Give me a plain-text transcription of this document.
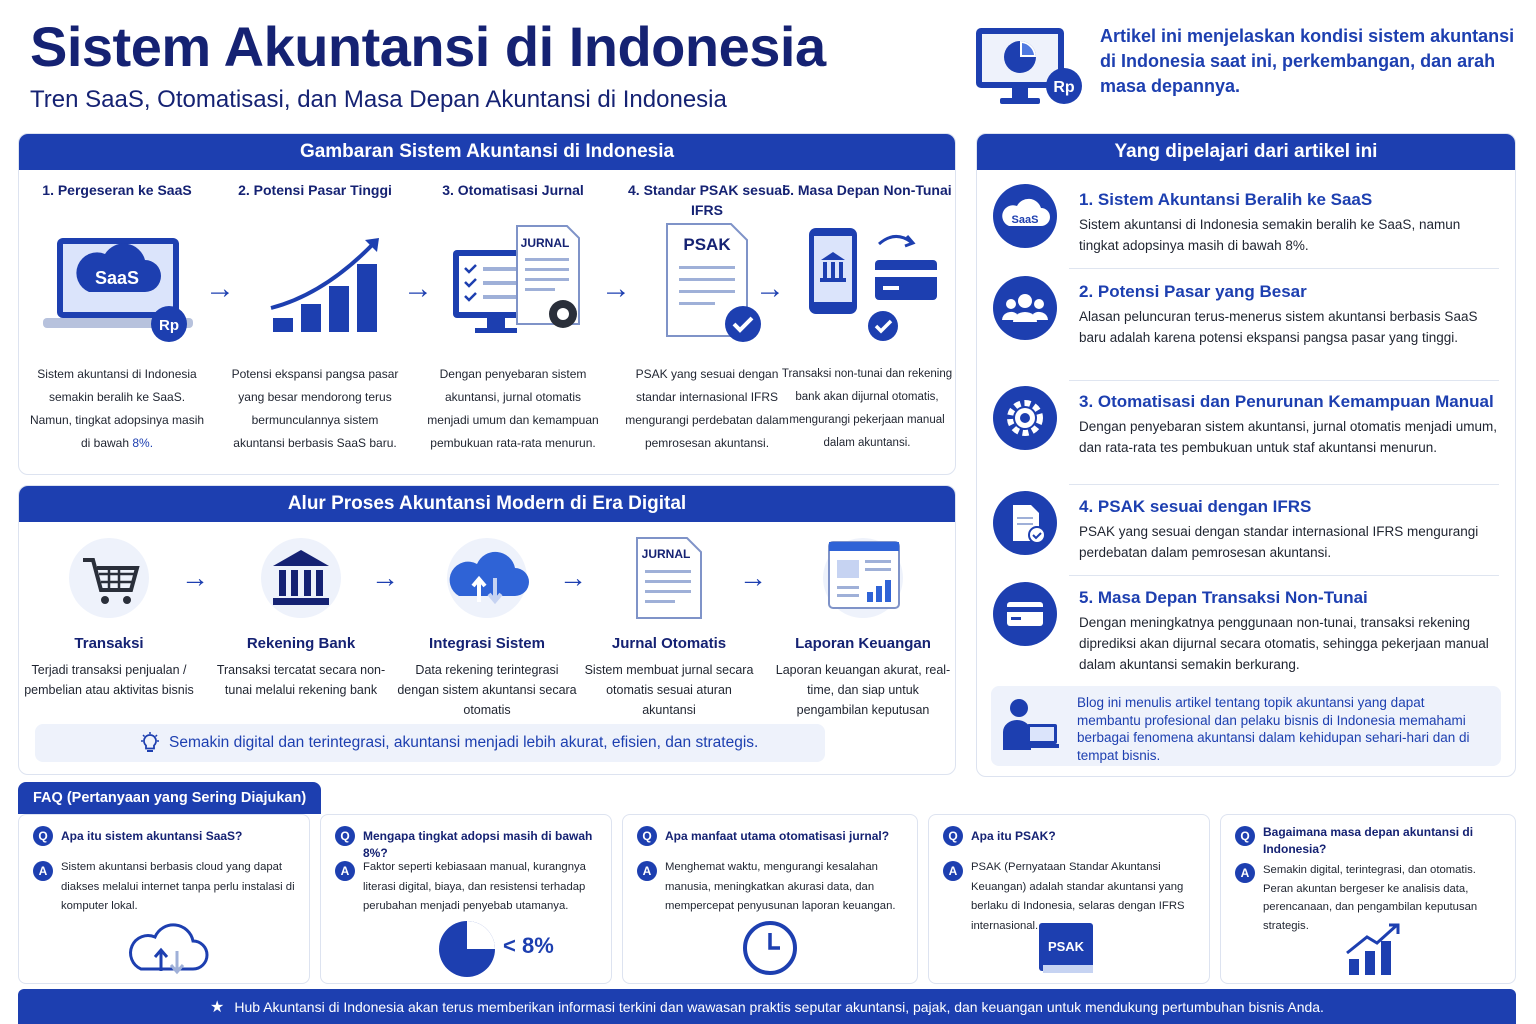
Sistem Akuntansi di Indonesia
Tren SaaS, Otomatisasi, dan Masa Depan Akuntansi di Indonesia	Rp
Artikel ini menjelaskan kondisi sistem akuntansi di Indonesia saat ini, perkembangan, dan arah masa depannya.
Gambaran Sistem Akuntansi di Indonesia
1. Pergeseran ke SaaS
SaaS
Rp
Sistem akuntansi di Indonesia semakin beralih ke SaaS. Namun, tingkat adopsinya masih di bawah 8%.
→
2. Potensi Pasar Tinggi
Potensi ekspansi pangsa pasar yang besar mendorong terus bermunculannya sistem akuntansi berbasis SaaS baru.
→
3. Otomatisasi Jurnal
JURNAL
Dengan penyebaran sistem akuntansi, jurnal otomatis menjadi umum dan kemampuan pembukuan rata-rata menurun.
→
4. Standar PSAK sesuai IFRS
PSAK
PSAK yang sesuai dengan standar internasional IFRS mengurangi perdebatan dalam pemrosesan akuntansi.
→
5. Masa Depan Non-Tunai
Transaksi non-tunai dan rekening bank akan dijurnal otomatis, mengurangi pekerjaan manual dalam akuntansi.
Alur Proses Akuntansi Modern di Era Digital
Transaksi
Terjadi transaksi penjualan / pembelian atau aktivitas bisnis
→
Rekening Bank
Transaksi tercatat secara non-tunai melalui rekening bank
→
Integrasi Sistem
Data rekening terintegrasi dengan sistem akuntansi secara otomatis
→
JURNAL
Jurnal Otomatis
Sistem membuat jurnal secara otomatis sesuai aturan akuntansi
→
Laporan Keuangan
Laporan keuangan akurat, real-time, dan siap untuk pengambilan keputusan
Semakin digital dan terintegrasi, akuntansi menjadi lebih akurat, efisien, dan strategis.
Yang dipelajari dari artikel ini
SaaS
1. Sistem Akuntansi Beralih ke SaaS
Sistem akuntansi di Indonesia semakin beralih ke SaaS, namun tingkat adopsinya masih di bawah 8%.
2. Potensi Pasar yang Besar
Alasan peluncuran terus-menerus sistem akuntansi berbasis SaaS baru adalah karena potensi ekspansi pangsa pasar yang tinggi.
3. Otomatisasi dan Penurunan Kemampuan Manual
Dengan penyebaran sistem akuntansi, jurnal otomatis menjadi umum, dan rata-rata tes pembukuan untuk staf akuntansi menurun.
4. PSAK sesuai dengan IFRS
PSAK yang sesuai dengan standar internasional IFRS mengurangi perdebatan dalam pemrosesan akuntansi.
5. Masa Depan Transaksi Non-Tunai
Dengan meningkatnya penggunaan non-tunai, transaksi rekening diprediksi akan dijurnal secara otomatis, sehingga pekerjaan manual dalam akuntansi semakin berkurang.
Blog ini menulis artikel tentang topik akuntansi yang dapat membantu profesional dan pelaku bisnis di Indonesia memahami berbagai fenomena akuntansi dalam kehidupan sehari-hari dan di tempat bisnis.
FAQ (Pertanyaan yang Sering Diajukan)
Q	Apa itu sistem akuntansi SaaS?
A	Sistem akuntansi berbasis cloud yang dapat diakses melalui internet tanpa perlu instalasi di komputer lokal.
Q	Mengapa tingkat adopsi masih di bawah 8%?
A	Faktor seperti kebiasaan manual, kurangnya literasi digital, biaya, dan resistensi terhadap perubahan menjadi penyebab utamanya.
< 8%
Q	Apa manfaat utama otomatisasi jurnal?
A	Menghemat waktu, mengurangi kesalahan manusia, meningkatkan akurasi data, dan mempercepat penyusunan laporan keuangan.
Q	Apa itu PSAK?
A	PSAK (Pernyataan Standar Akuntansi Keuangan) adalah standar akuntansi yang berlaku di Indonesia, selaras dengan IFRS internasional.
PSAK
Q	Bagaimana masa depan akuntansi di Indonesia?
A	Semakin digital, terintegrasi, dan otomatis. Peran akuntan bergeser ke analisis data, perencanaan, dan pengambilan keputusan strategis.
★ Hub Akuntansi di Indonesia akan terus memberikan informasi terkini dan wawasan praktis seputar akuntansi, pajak, dan keuangan untuk mendukung pertumbuhan bisnis Anda.
